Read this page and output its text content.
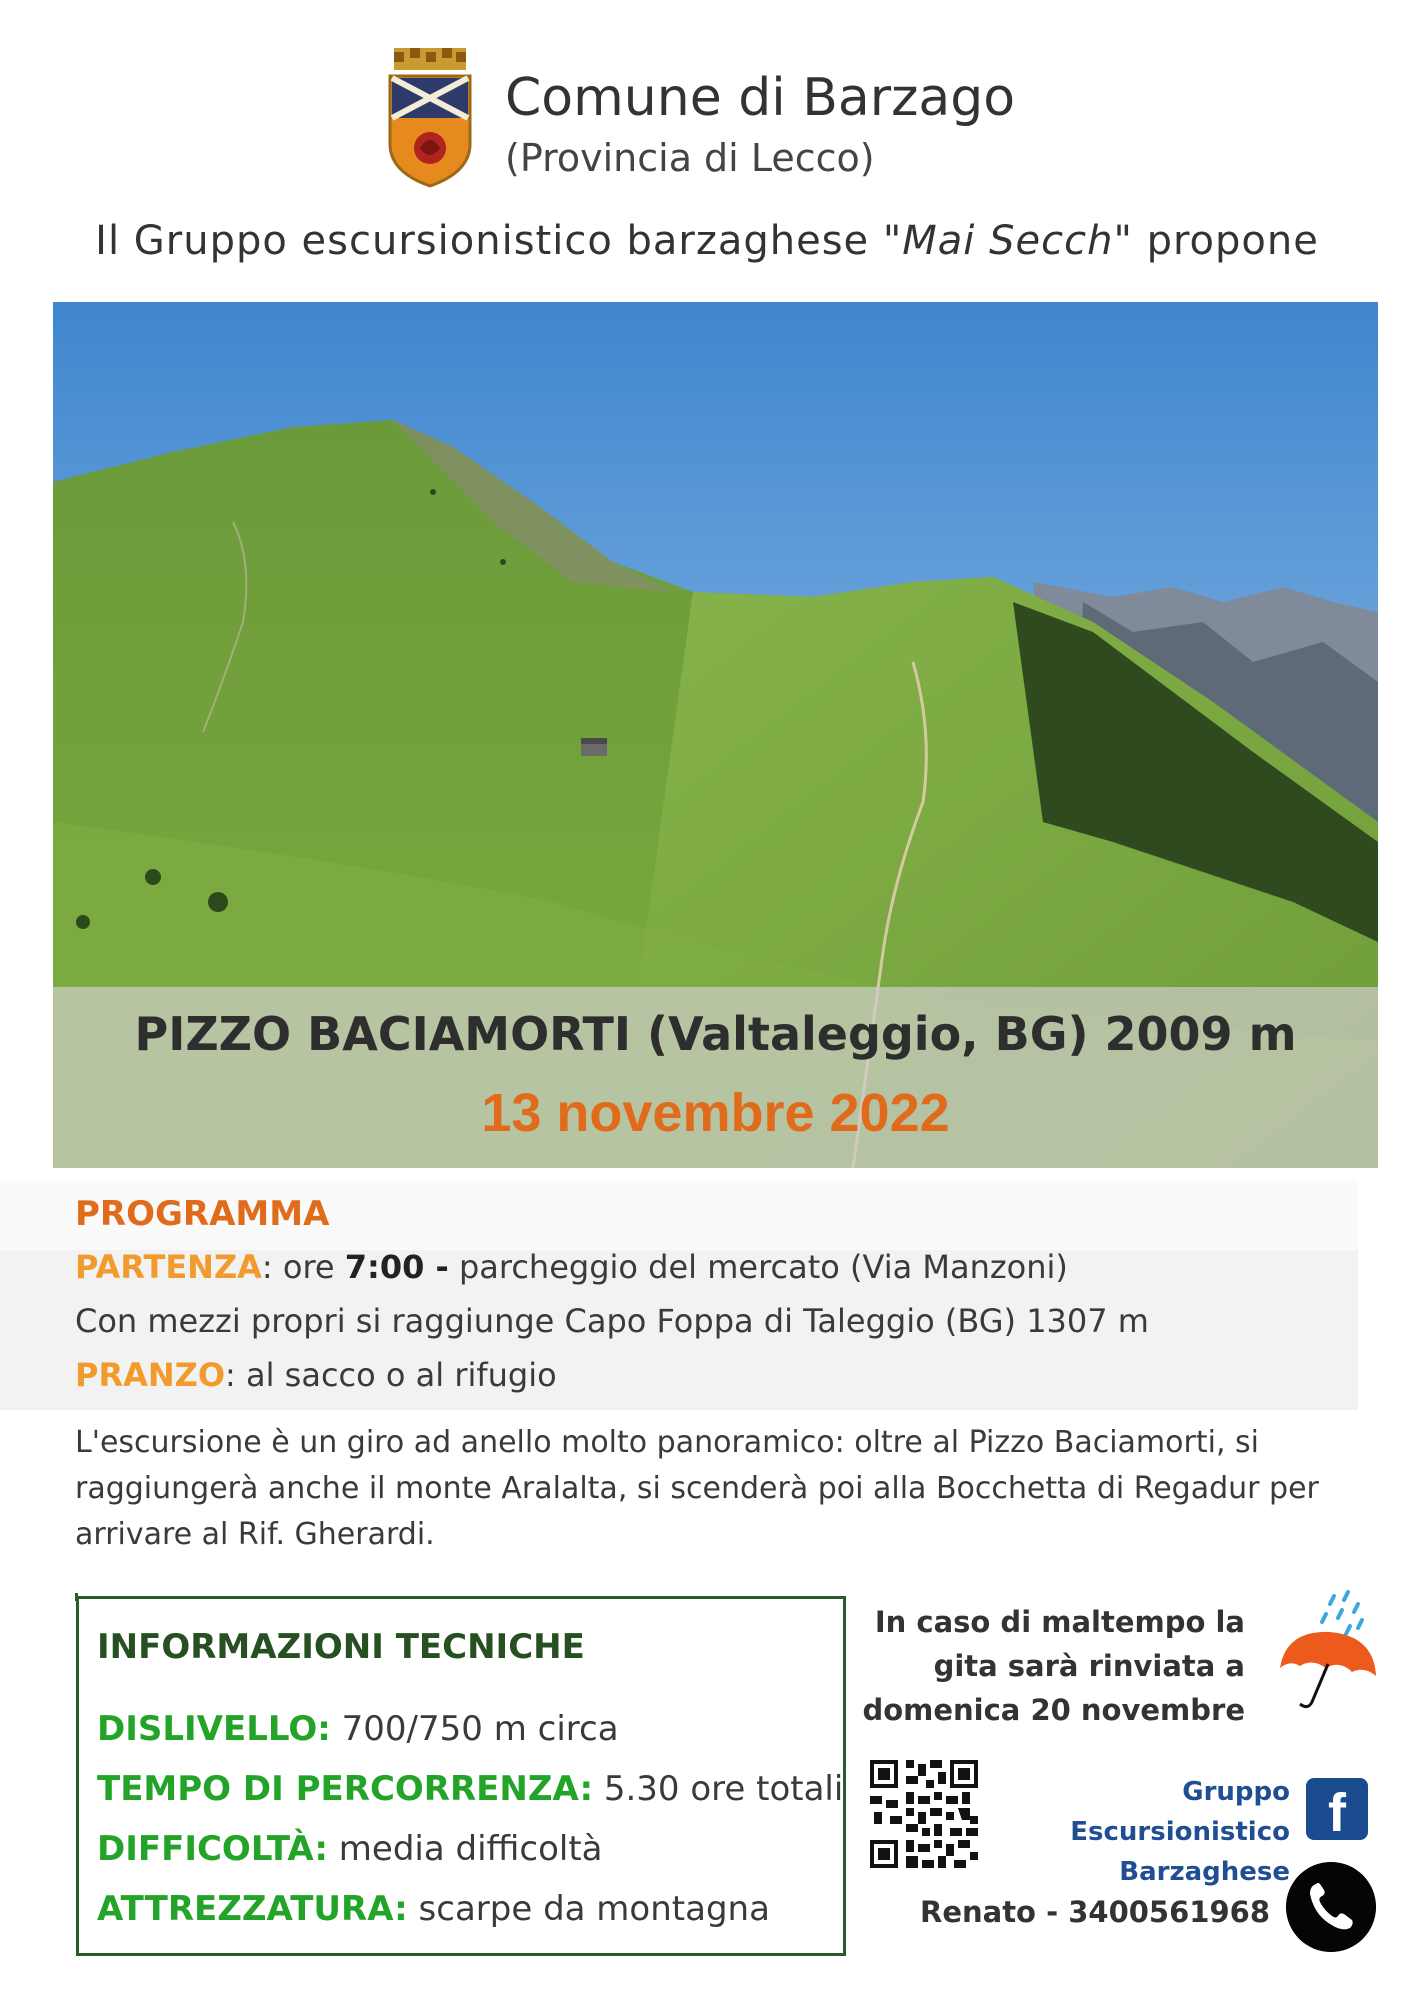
Comune di Barzago
(Provincia di Lecco)
Il Gruppo escursionistico barzaghese "Mai Secch" propone
PIZZO BACIAMORTI (Valtaleggio, BG) 2009 m
13 novembre 2022
PROGRAMMA
PARTENZA: ore 7:00 - parcheggio del mercato (Via Manzoni)
Con mezzi propri si raggiunge Capo Foppa di Taleggio (BG) 1307 m
PRANZO: al sacco o al rifugio
L'escursione è un giro ad anello molto panoramico: oltre al Pizzo Baciamorti, si raggiungerà anche il monte Aralalta, si scenderà poi alla Bocchetta di Regadur per arrivare al Rif. Gherardi.
INFORMAZIONI TECNICHE
DISLIVELLO: 700/750 m circa
TEMPO DI PERCORRENZA: 5.30 ore totali
DIFFICOLTÀ: media difficoltà
ATTREZZATURA: scarpe da montagna
In caso di maltempo la
gita sarà rinviata a
domenica 20 novembre
Gruppo Escursionistico
Barzaghese
f
Renato - 3400561968
